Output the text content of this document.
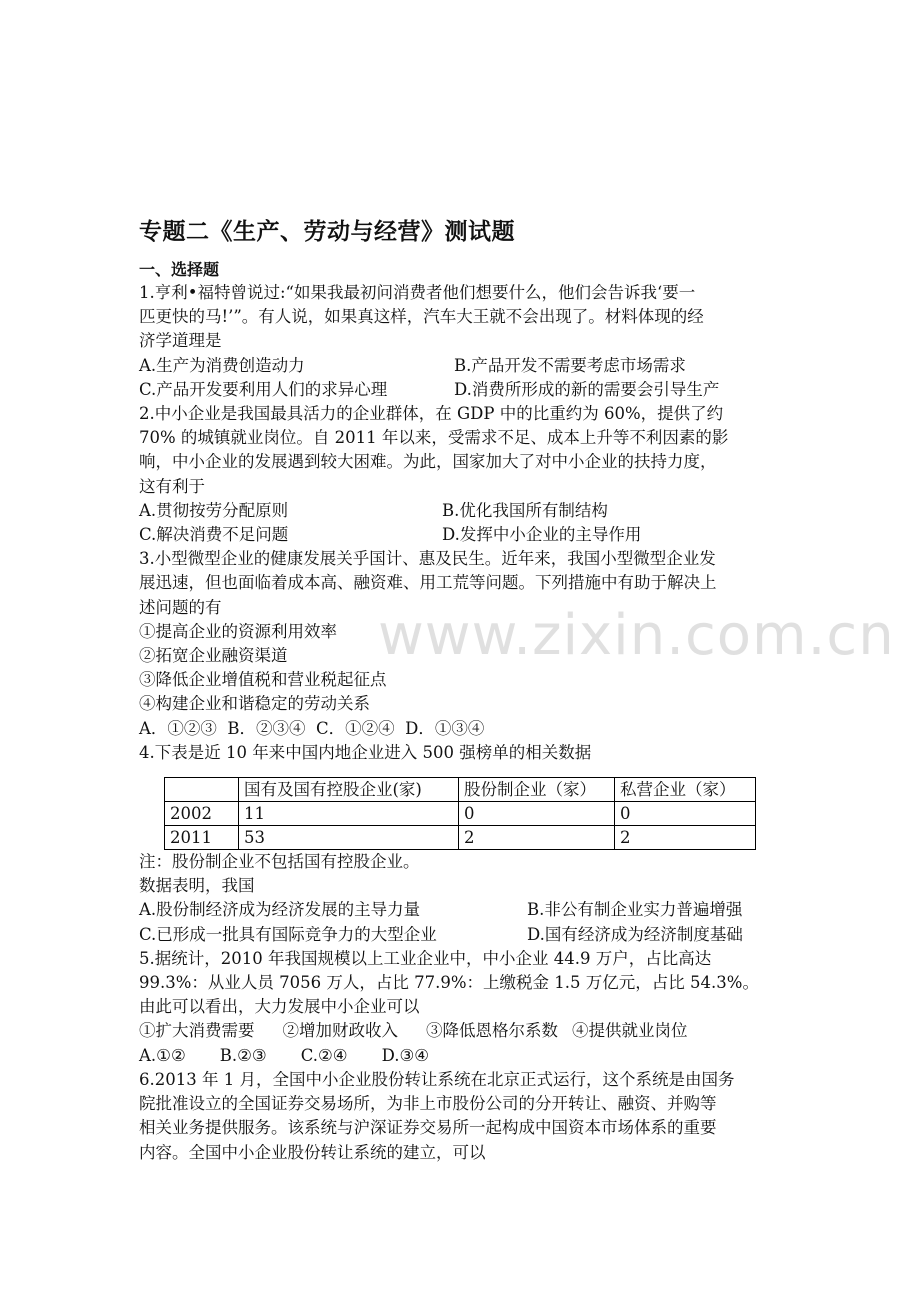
www.zixin.com.cn
专题二《生产、劳动与经营》测试题
一、选择题

1.亨利•福特曾说过:“如果我最初问消费者他们想要什么，他们会告诉我‘要一

匹更快的马!’”。有人说，如果真这样，汽车大王就不会出现了。材料体现的经

济学道理是

A.生产为消费创造动力	B.产品开发不需要考虑市场需求
C.产品开发要利用人们的求异心理	D.消费所形成的新的需要会引导生产

2.中小企业是我国最具活力的企业群体，在 GDP 中的比重约为 60%，提供了约

70% 的城镇就业岗位。自 2011 年以来，受需求不足、成本上升等不利因素的影

响，中小企业的发展遇到较大困难。为此，国家加大了对中小企业的扶持力度，

这有利于

A.贯彻按劳分配原则	B.优化我国所有制结构
C.解决消费不足问题	D.发挥中小企业的主导作用

3.小型微型企业的健康发展关乎国计、惠及民生。近年来，我国小型微型企业发

展迅速，但也面临着成本高、融资难、用工荒等问题。下列措施中有助于解决上

述问题的有

①提高企业的资源利用效率

②拓宽企业融资渠道

③降低企业增值税和营业税起征点

④构建企业和谐稳定的劳动关系

A．①②③  B．②③④  C．①②④  D．①③④

4.下表是近 10 年来中国内地企业进入 500 强榜单的相关数据

	国有及国有控股企业(家)	股份制企业（家）	私营企业（家）
2002	11	0	0
2011	53	2	2

注：股份制企业不包括国有控股企业。

数据表明，我国

A.股份制经济成为经济发展的主导力量	B.非公有制企业实力普遍增强
C.已形成一批具有国际竞争力的大型企业	D.国有经济成为经济制度基础

5.据统计，2010 年我国规模以上工业企业中，中小企业 44.9 万户，占比高达

99.3%：从业人员 7056 万人，占比 77.9%：上缴税金 1.5 万亿元，占比 54.3%。

由此可以看出，大力发展中小企业可以

①扩大消费需要 ②增加财政收入 ③降低恩格尔系数 ④提供就业岗位
A.①② B.②③ C.②④ D.③④

6.2013 年 1 月，全国中小企业股份转让系统在北京正式运行，这个系统是由国务

院批准设立的全国证券交易场所，为非上市股份公司的分开转让、融资、并购等

相关业务提供服务。该系统与沪深证券交易所一起构成中国资本市场体系的重要

内容。全国中小企业股份转让系统的建立，可以
